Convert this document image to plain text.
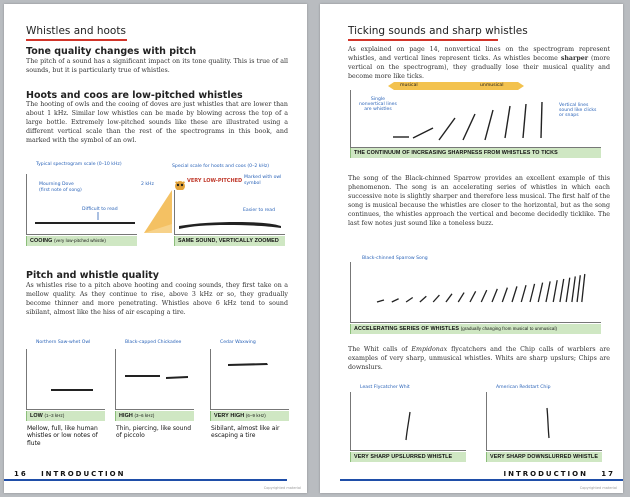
Whistles and hoots
Tone quality changes with pitch
The pitch of a sound has a significant impact on its tone quality. This is true of all sounds, but it is particularly true of whistles.
Hoots and coos are low-pitched whistles
The hooting of owls and the cooing of doves are just whistles that are lower than about 1 kHz. Similar low whistles can be made by blowing across the top of a large bottle. Extremely low-pitched sounds like these are illustrated using a different vertical scale than the rest of the spectrograms in this book, and marked with the symbol of an owl.
Typical spectrogram scale (0–10 kHz)	Special scale for hoots and coos (0–2 kHz)
Mourning Dove
(first note of song)
Difficult to read
COOING (very low-pitched whistle)
2 kHz
VERY LOW-PITCHED
Marked with owl
symbol
Easier to read
SAME SOUND, VERTICALLY ZOOMED
Pitch and whistle quality
As whistles rise to a pitch above hooting and cooing sounds, they first take on a mellow quality. As they continue to rise, above 3 kHz or so, they gradually become thinner and more penetrating. Whistles above 6 kHz tend to sound sibilant, almost like the hiss of air escaping a tire.
Northern Saw-whet Owl
LOW (1–3 kHz)
Mellow, full, like human whistles or low notes of flute
Black-capped Chickadee
HIGH (3–6 kHz)
Thin, piercing, like sound of piccolo
Cedar Waxwing
VERY HIGH (6–9 kHz)
Sibilant, almost like air escaping a tire
16 INTRODUCTION
Copyrighted material
Ticking sounds and sharp whistles
As explained on page 14, nonvertical lines on the spectrogram represent whistles, and vertical lines represent ticks. As whistles become sharper (more vertical on the spectrogram), they gradually lose their musical quality and become more like ticks.
musical	unmusical
Single
nonvertical lines
are whistles
Vertical lines
sound like clicks
or snaps
THE CONTINUUM OF INCREASING SHARPNESS FROM WHISTLES TO TICKS
The song of the Black-chinned Sparrow provides an excellent example of this phenomenon. The song is an accelerating series of whistles in which each successive note is slightly sharper and therefore less musical. The first half of the song is musical because the whistles are closer to the horizontal, but as the song continues, the whistles approach the vertical and become decidedly ticklike. The last few notes just sound like a toneless buzz.
Black-chinned Sparrow Song
ACCELERATING SERIES OF WHISTLES (gradually changing from musical to unmusical)
The Whit calls of Empidonax flycatchers and the Chip calls of warblers are examples of very sharp, unmusical whistles. Whits are sharp upslurs; Chips are downslurs.
Least Flycatcher Whit
VERY SHARP UPSLURRED WHISTLE
American Redstart Chip
VERY SHARP DOWNSLURRED WHISTLE
INTRODUCTION 17
Copyrighted material
